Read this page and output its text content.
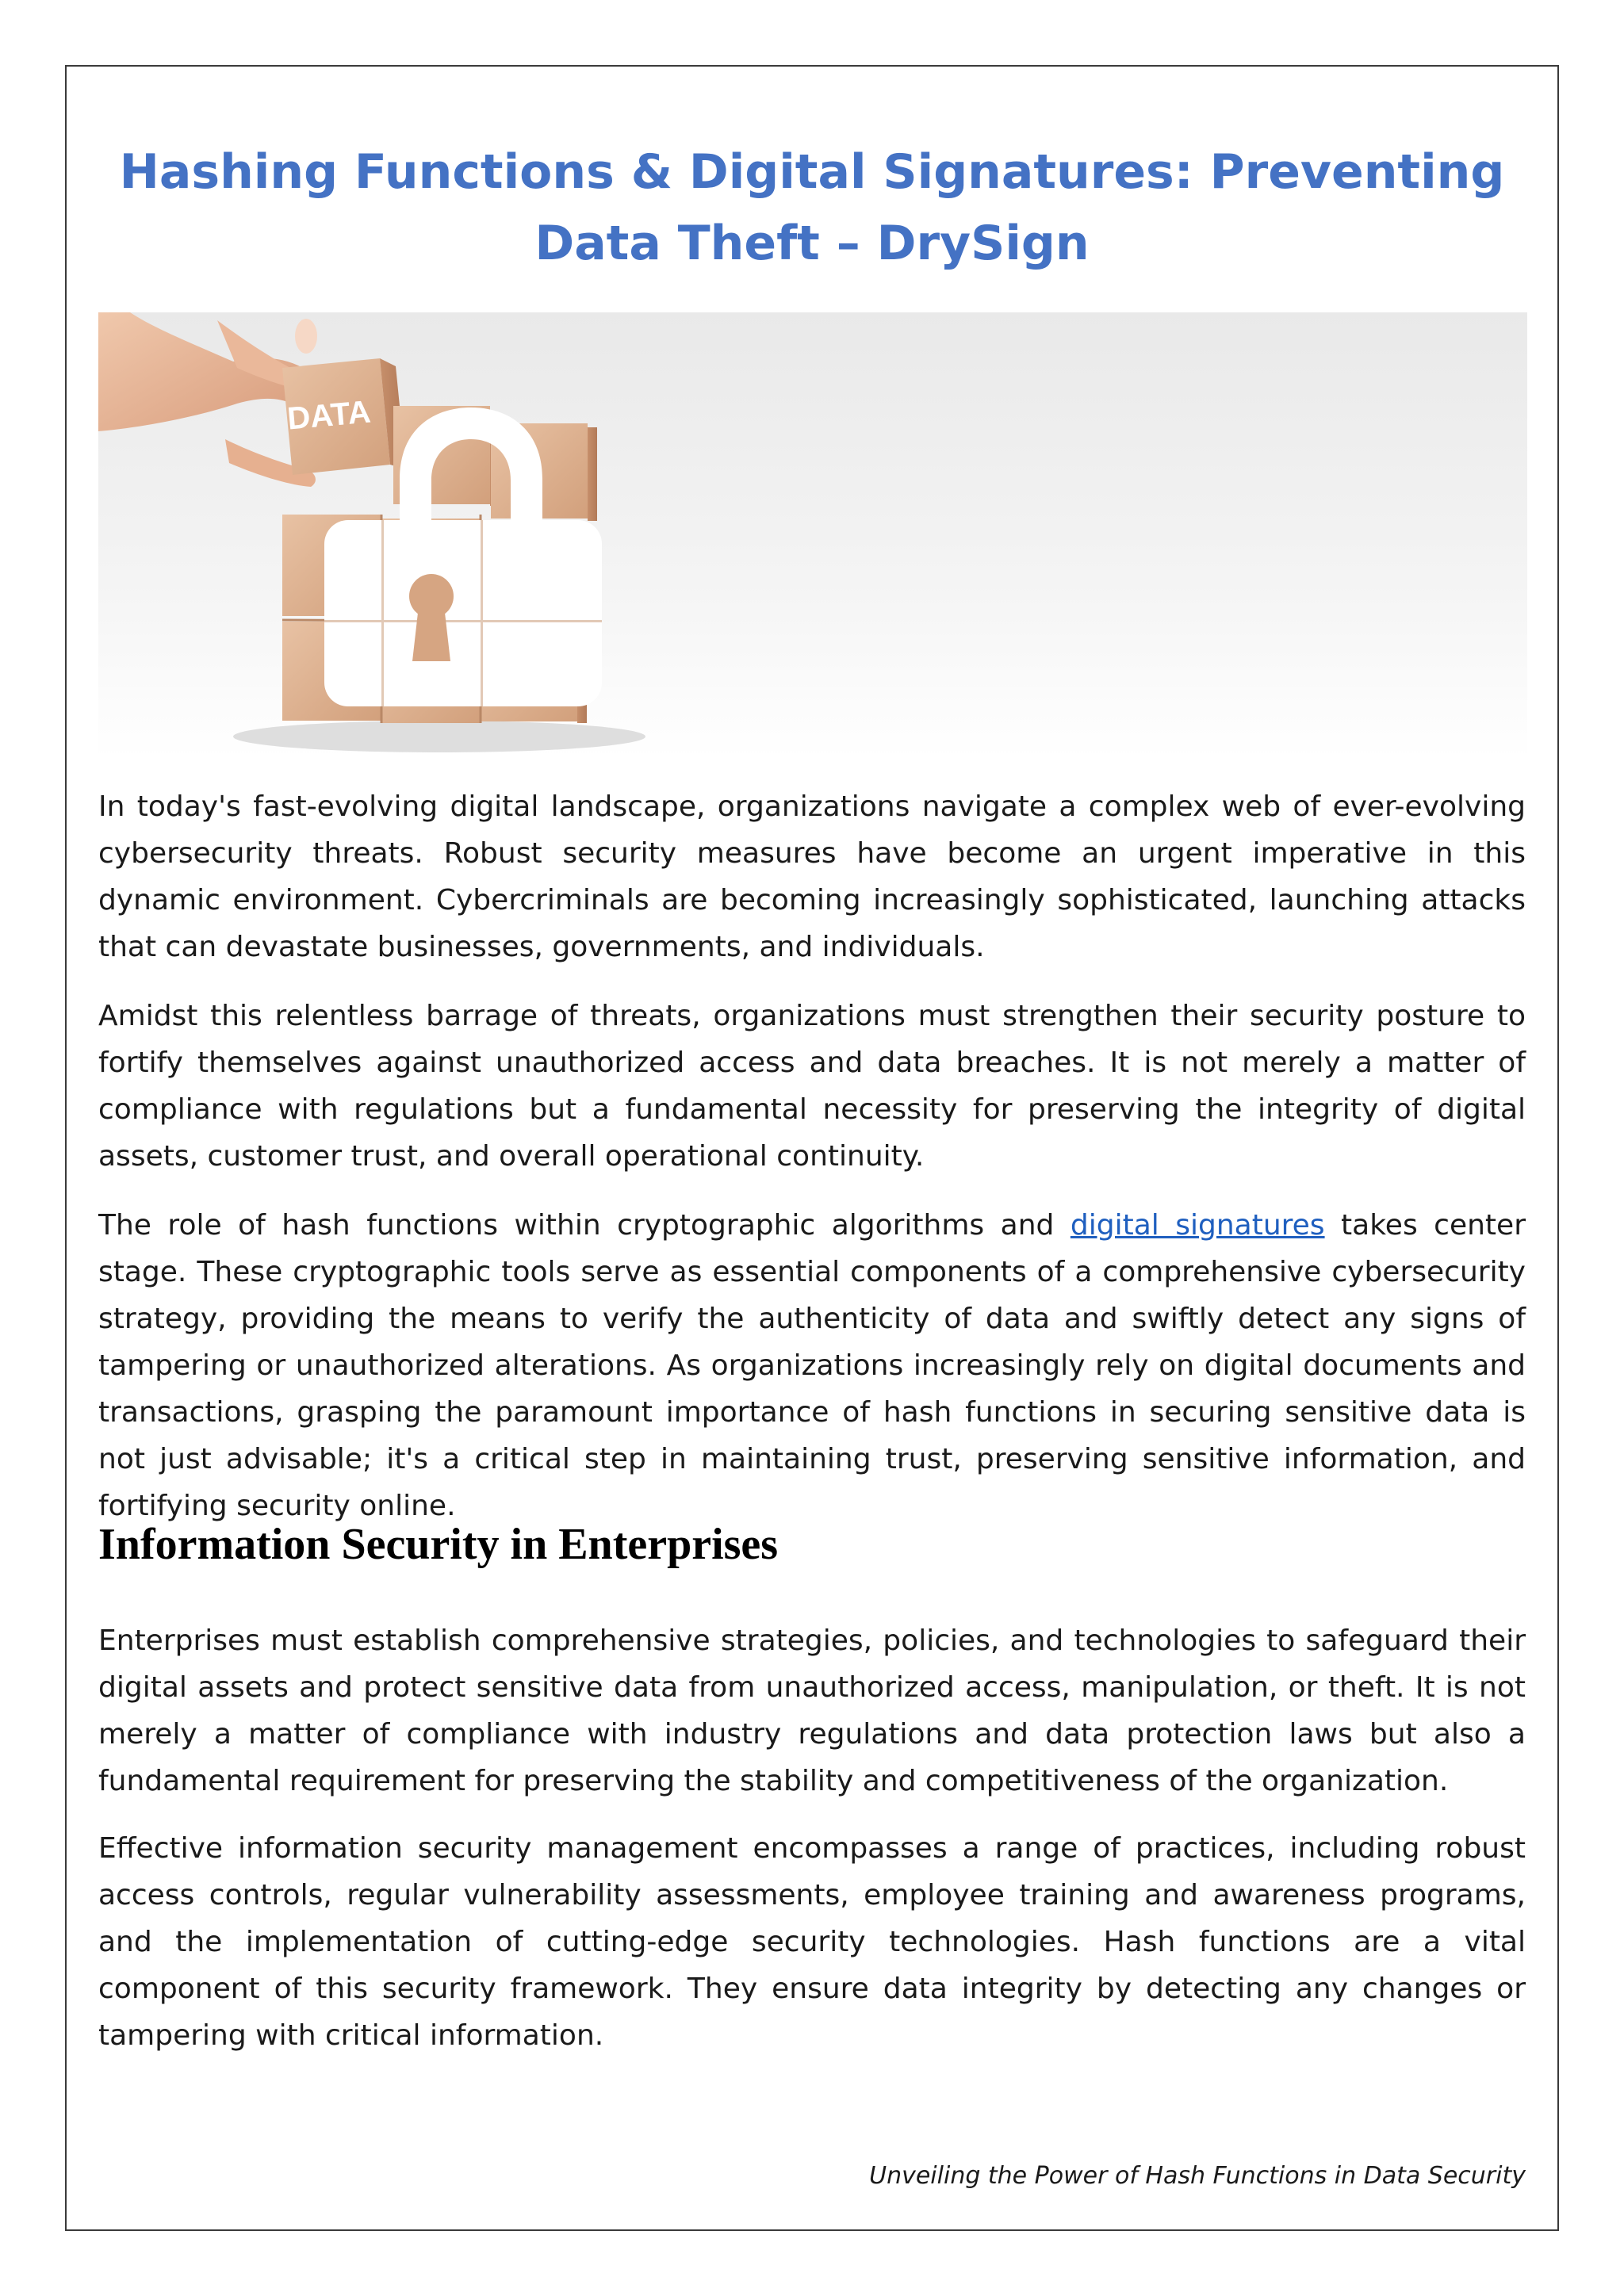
Hashing Functions & Digital Signatures: Preventing Data Theft – DrySign
DATA

In today's fast-evolving digital landscape, organizations navigate a complex web of ever-evolving cybersecurity threats. Robust security measures have become an urgent imperative in this dynamic environment. Cybercriminals are becoming increasingly sophisticated, launching attacks that can devastate businesses, governments, and individuals.

Amidst this relentless barrage of threats, organizations must strengthen their security posture to fortify themselves against unauthorized access and data breaches. It is not merely a matter of compliance with regulations but a fundamental necessity for preserving the integrity of digital assets, customer trust, and overall operational continuity.

The role of hash functions within cryptographic algorithms and digital signatures takes center stage. These cryptographic tools serve as essential components of a comprehensive cybersecurity strategy, providing the means to verify the authenticity of data and swiftly detect any signs of tampering or unauthorized alterations. As organizations increasingly rely on digital documents and transactions, grasping the paramount importance of hash functions in securing sensitive data is not just advisable; it's a critical step in maintaining trust, preserving sensitive information, and fortifying security online.

Information Security in Enterprises

Enterprises must establish comprehensive strategies, policies, and technologies to safeguard their digital assets and protect sensitive data from unauthorized access, manipulation, or theft. It is not merely a matter of compliance with industry regulations and data protection laws but also a fundamental requirement for preserving the stability and competitiveness of the organization.

Effective information security management encompasses a range of practices, including robust access controls, regular vulnerability assessments, employee training and awareness programs, and the implementation of cutting-edge security technologies. Hash functions are a vital component of this security framework. They ensure data integrity by detecting any changes or tampering with critical information.

Unveiling the Power of Hash Functions in Data Security
